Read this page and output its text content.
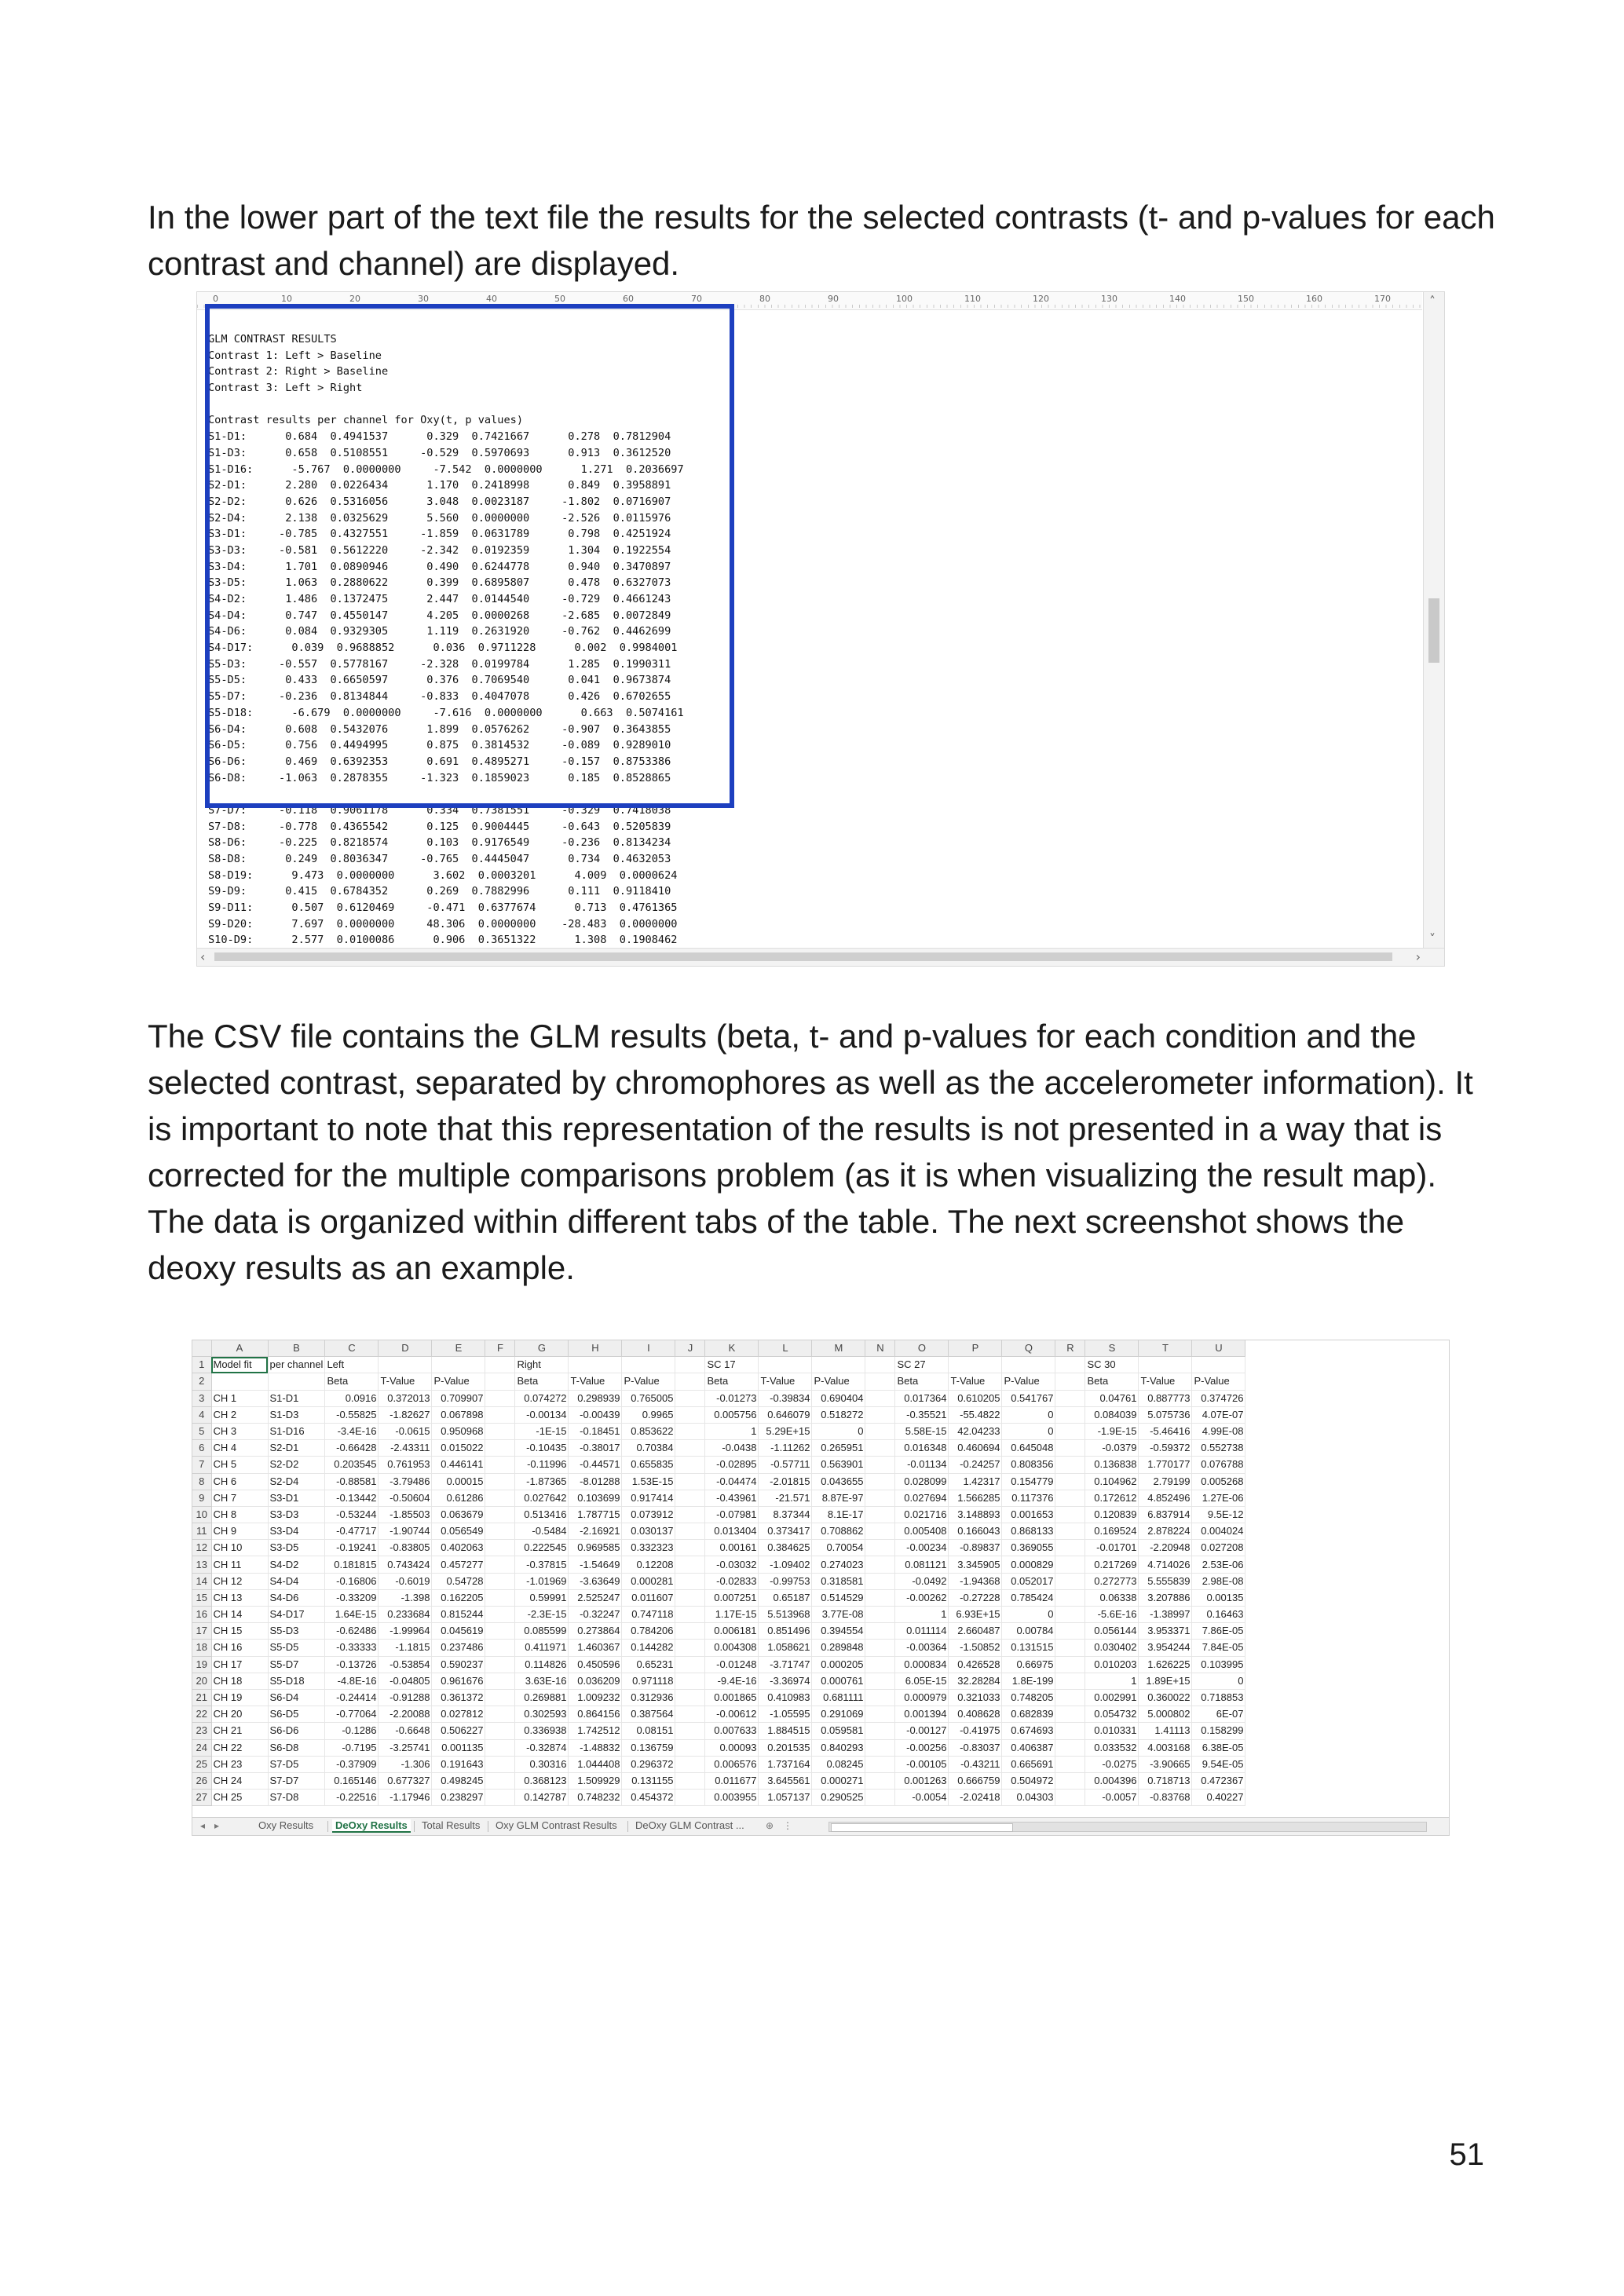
In the lower part of the text file the results for the selected contrasts (t- and p-values for each contrast and channel) are displayed.

0	10	20	30	40	50	60	70	80	90	100	110	120	130	140	150	160	170
GLM CONTRAST RESULTS
Contrast 1: Left > Baseline
Contrast 2: Right > Baseline
Contrast 3: Left > Right
Contrast results per channel for Oxy(t, p values)
S1-D1:      0.684  0.4941537      0.329  0.7421667      0.278  0.7812904
S1-D3:      0.658  0.5108551     -0.529  0.5970693      0.913  0.3612520
S1-D16:      -5.767  0.0000000     -7.542  0.0000000      1.271  0.2036697
S2-D1:      2.280  0.0226434      1.170  0.2418998      0.849  0.3958891
S2-D2:      0.626  0.5316056      3.048  0.0023187     -1.802  0.0716907
S2-D4:      2.138  0.0325629      5.560  0.0000000     -2.526  0.0115976
S3-D1:     -0.785  0.4327551     -1.859  0.0631789      0.798  0.4251924
S3-D3:     -0.581  0.5612220     -2.342  0.0192359      1.304  0.1922554
S3-D4:      1.701  0.0890946      0.490  0.6244778      0.940  0.3470897
S3-D5:      1.063  0.2880622      0.399  0.6895807      0.478  0.6327073
S4-D2:      1.486  0.1372475      2.447  0.0144540     -0.729  0.4661243
S4-D4:      0.747  0.4550147      4.205  0.0000268     -2.685  0.0072849
S4-D6:      0.084  0.9329305      1.119  0.2631920     -0.762  0.4462699
S4-D17:      0.039  0.9688852      0.036  0.9711228      0.002  0.9984001
S5-D3:     -0.557  0.5778167     -2.328  0.0199784      1.285  0.1990311
S5-D5:      0.433  0.6650597      0.376  0.7069540      0.041  0.9673874
S5-D7:     -0.236  0.8134844     -0.833  0.4047078      0.426  0.6702655
S5-D18:      -6.679  0.0000000     -7.616  0.0000000      0.663  0.5074161
S6-D4:      0.608  0.5432076      1.899  0.0576262     -0.907  0.3643855
S6-D5:      0.756  0.4494995      0.875  0.3814532     -0.089  0.9289010
S6-D6:      0.469  0.6392353      0.691  0.4895271     -0.157  0.8753386
S6-D8:     -1.063  0.2878355     -1.323  0.1859023      0.185  0.8528865
S7-D7:     -0.118  0.9061178      0.334  0.7381551     -0.329  0.7418038
S7-D8:     -0.778  0.4365542      0.125  0.9004445     -0.643  0.5205839
S8-D6:     -0.225  0.8218574      0.103  0.9176549     -0.236  0.8134234
S8-D8:      0.249  0.8036347     -0.765  0.4445047      0.734  0.4632053
S8-D19:      9.473  0.0000000      3.602  0.0003201      4.009  0.0000624
S9-D9:      0.415  0.6784352      0.269  0.7882996      0.111  0.9118410
S9-D11:      0.507  0.6120469     -0.471  0.6377674      0.713  0.4761365
S9-D20:      7.697  0.0000000     48.306  0.0000000    -28.483  0.0000000
S10-D9:      2.577  0.0100086      0.906  0.3651322      1.308  0.1908462
˄
˅
‹	›

The CSV file contains the GLM results (beta, t- and p-values for each condition and the selected contrast, separated by chromophores as well as the accelerometer information). It is important to note that this representation of the results is not presented in a way that is corrected for the multiple comparisons problem (as it is when visualizing the result map). The data is organized within different tabs of the table. The next screenshot shows the deoxy results as an example.

	A	B	C	D	E	F	G	H	I	J	K	L	M	N	O	P	Q	R	S	T	U
1	Model fit	per channel	Left				Right				SC 17				SC 27				SC 30		
2			Beta	T-Value	P-Value		Beta	T-Value	P-Value		Beta	T-Value	P-Value		Beta	T-Value	P-Value		Beta	T-Value	P-Value
3	CH 1	S1-D1	0.0916	0.372013	0.709907		0.074272	0.298939	0.765005		-0.01273	-0.39834	0.690404		0.017364	0.610205	0.541767		0.04761	0.887773	0.374726
4	CH 2	S1-D3	-0.55825	-1.82627	0.067898		-0.00134	-0.00439	0.9965		0.005756	0.646079	0.518272		-0.35521	-55.4822	0		0.084039	5.075736	4.07E-07
5	CH 3	S1-D16	-3.4E-16	-0.0615	0.950968		-1E-15	-0.18451	0.853622		1	5.29E+15	0		5.58E-15	42.04233	0		-1.9E-15	-5.46416	4.99E-08
6	CH 4	S2-D1	-0.66428	-2.43311	0.015022		-0.10435	-0.38017	0.70384		-0.0438	-1.11262	0.265951		0.016348	0.460694	0.645048		-0.0379	-0.59372	0.552738
7	CH 5	S2-D2	0.203545	0.761953	0.446141		-0.11996	-0.44571	0.655835		-0.02895	-0.57711	0.563901		-0.01134	-0.24257	0.808356		0.136838	1.770177	0.076788
8	CH 6	S2-D4	-0.88581	-3.79486	0.00015		-1.87365	-8.01288	1.53E-15		-0.04474	-2.01815	0.043655		0.028099	1.42317	0.154779		0.104962	2.79199	0.005268
9	CH 7	S3-D1	-0.13442	-0.50604	0.61286		0.027642	0.103699	0.917414		-0.43961	-21.571	8.87E-97		0.027694	1.566285	0.117376		0.172612	4.852496	1.27E-06
10	CH 8	S3-D3	-0.53244	-1.85503	0.063679		0.513416	1.787715	0.073912		-0.07981	8.37344	8.1E-17		0.021716	3.148893	0.001653		0.120839	6.837914	9.5E-12
11	CH 9	S3-D4	-0.47717	-1.90744	0.056549		-0.5484	-2.16921	0.030137		0.013404	0.373417	0.708862		0.005408	0.166043	0.868133		0.169524	2.878224	0.004024
12	CH 10	S3-D5	-0.19241	-0.83805	0.402063		0.222545	0.969585	0.332323		0.00161	0.384625	0.70054		-0.00234	-0.89837	0.369055		-0.01701	-2.20948	0.027208
13	CH 11	S4-D2	0.181815	0.743424	0.457277		-0.37815	-1.54649	0.12208		-0.03032	-1.09402	0.274023		0.081121	3.345905	0.000829		0.217269	4.714026	2.53E-06
14	CH 12	S4-D4	-0.16806	-0.6019	0.54728		-1.01969	-3.63649	0.000281		-0.02833	-0.99753	0.318581		-0.0492	-1.94368	0.052017		0.272773	5.555839	2.98E-08
15	CH 13	S4-D6	-0.33209	-1.398	0.162205		0.59991	2.525247	0.011607		0.007251	0.65187	0.514529		-0.00262	-0.27228	0.785424		0.06338	3.207886	0.00135
16	CH 14	S4-D17	1.64E-15	0.233684	0.815244		-2.3E-15	-0.32247	0.747118		1.17E-15	5.513968	3.77E-08		1	6.93E+15	0		-5.6E-16	-1.38997	0.16463
17	CH 15	S5-D3	-0.62486	-1.99964	0.045619		0.085599	0.273864	0.784206		0.006181	0.851496	0.394554		0.011114	2.660487	0.00784		0.056144	3.953371	7.86E-05
18	CH 16	S5-D5	-0.33333	-1.1815	0.237486		0.411971	1.460367	0.144282		0.004308	1.058621	0.289848		-0.00364	-1.50852	0.131515		0.030402	3.954244	7.84E-05
19	CH 17	S5-D7	-0.13726	-0.53854	0.590237		0.114826	0.450596	0.65231		-0.01248	-3.71747	0.000205		0.000834	0.426528	0.66975		0.010203	1.626225	0.103995
20	CH 18	S5-D18	-4.8E-16	-0.04805	0.961676		3.63E-16	0.036209	0.971118		-9.4E-16	-3.36974	0.000761		6.05E-15	32.28284	1.8E-199		1	1.89E+15	0
21	CH 19	S6-D4	-0.24414	-0.91288	0.361372		0.269881	1.009232	0.312936		0.001865	0.410983	0.681111		0.000979	0.321033	0.748205		0.002991	0.360022	0.718853
22	CH 20	S6-D5	-0.77064	-2.20088	0.027812		0.302593	0.864156	0.387564		-0.00612	-1.05595	0.291069		0.001394	0.408628	0.682839		0.054732	5.000802	6E-07
23	CH 21	S6-D6	-0.1286	-0.6648	0.506227		0.336938	1.742512	0.08151		0.007633	1.884515	0.059581		-0.00127	-0.41975	0.674693		0.010331	1.41113	0.158299
24	CH 22	S6-D8	-0.7195	-3.25741	0.001135		-0.32874	-1.48832	0.136759		0.00093	0.201535	0.840293		-0.00256	-0.83037	0.406387		0.033532	4.003168	6.38E-05
25	CH 23	S7-D5	-0.37909	-1.306	0.191643		0.30316	1.044408	0.296372		0.006576	1.737164	0.08245		-0.00105	-0.43211	0.665691		-0.0275	-3.90665	9.54E-05
26	CH 24	S7-D7	0.165146	0.677327	0.498245		0.368123	1.509929	0.131155		0.011677	3.645561	0.000271		0.001263	0.666759	0.504972		0.004396	0.718713	0.472367
27	CH 25	S7-D8	-0.22516	-1.17946	0.238297		0.142787	0.748232	0.454372		0.003955	1.057137	0.290525		-0.0054	-2.02418	0.04303		-0.0057	-0.83768	0.40227
◂ ▸	⊕ ⋮
Oxy Results	DeOxy Results	Total Results	Oxy GLM Contrast Results	DeOxy GLM Contrast ...
51
